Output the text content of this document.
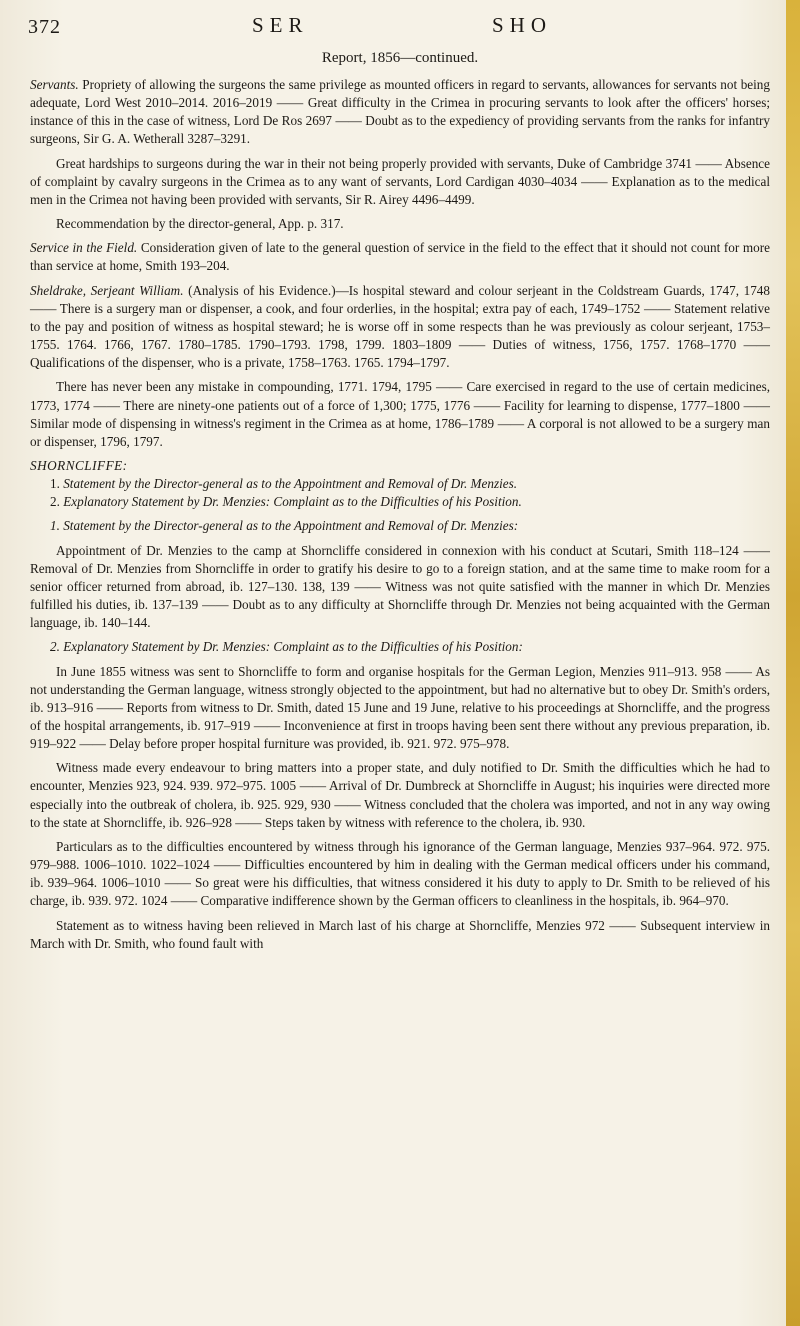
372	SER	SHO
Report, 1856—continued.

Servants. Propriety of allowing the surgeons the same privilege as mounted officers in regard to servants, allowances for servants not being adequate, Lord West 2010–2014. 2016–2019 —— Great difficulty in the Crimea in procuring servants to look after the officers' horses; instance of this in the case of witness, Lord De Ros 2697 —— Doubt as to the expediency of providing servants from the ranks for infantry surgeons, Sir G. A. Wetherall 3287–3291.

Great hardships to surgeons during the war in their not being properly provided with servants, Duke of Cambridge 3741 —— Absence of complaint by cavalry surgeons in the Crimea as to any want of servants, Lord Cardigan 4030–4034 —— Explanation as to the medical men in the Crimea not having been provided with servants, Sir R. Airey 4496–4499.

Recommendation by the director-general, App. p. 317.

Service in the Field. Consideration given of late to the general question of service in the field to the effect that it should not count for more than service at home, Smith 193–204.

Sheldrake, Serjeant William. (Analysis of his Evidence.)—Is hospital steward and colour serjeant in the Coldstream Guards, 1747, 1748 —— There is a surgery man or dispenser, a cook, and four orderlies, in the hospital; extra pay of each, 1749–1752 —— Statement relative to the pay and position of witness as hospital steward; he is worse off in some respects than he was previously as colour serjeant, 1753–1755. 1764. 1766, 1767. 1780–1785. 1790–1793. 1798, 1799. 1803–1809 —— Duties of witness, 1756, 1757. 1768–1770 —— Qualifications of the dispenser, who is a private, 1758–1763. 1765. 1794–1797.

There has never been any mistake in compounding, 1771. 1794, 1795 —— Care exercised in regard to the use of certain medicines, 1773, 1774 —— There are ninety-one patients out of a force of 1,300; 1775, 1776 —— Facility for learning to dispense, 1777–1800 —— Similar mode of dispensing in witness's regiment in the Crimea as at home, 1786–1789 —— A corporal is not allowed to be a surgery man or dispenser, 1796, 1797.

SHORNCLIFFE:

1. Statement by the Director-general as to the Appointment and Removal of Dr. Menzies.

2. Explanatory Statement by Dr. Menzies: Complaint as to the Difficulties of his Position.

1. Statement by the Director-general as to the Appointment and Removal of Dr. Menzies:

Appointment of Dr. Menzies to the camp at Shorncliffe considered in connexion with his conduct at Scutari, Smith 118–124 —— Removal of Dr. Menzies from Shorncliffe in order to gratify his desire to go to a foreign station, and at the same time to make room for a senior officer returned from abroad, ib. 127–130. 138, 139 —— Witness was not quite satisfied with the manner in which Dr. Menzies fulfilled his duties, ib. 137–139 —— Doubt as to any difficulty at Shorncliffe through Dr. Menzies not being acquainted with the German language, ib. 140–144.

2. Explanatory Statement by Dr. Menzies: Complaint as to the Difficulties of his Position:

In June 1855 witness was sent to Shorncliffe to form and organise hospitals for the German Legion, Menzies 911–913. 958 —— As not understanding the German language, witness strongly objected to the appointment, but had no alternative but to obey Dr. Smith's orders, ib. 913–916 —— Reports from witness to Dr. Smith, dated 15 June and 19 June, relative to his proceedings at Shorncliffe, and the progress of the hospital arrangements, ib. 917–919 —— Inconvenience at first in troops having been sent there without any previous preparation, ib. 919–922 —— Delay before proper hospital furniture was provided, ib. 921. 972. 975–978.

Witness made every endeavour to bring matters into a proper state, and duly notified to Dr. Smith the difficulties which he had to encounter, Menzies 923, 924. 939. 972–975. 1005 —— Arrival of Dr. Dumbreck at Shorncliffe in August; his inquiries were directed more especially into the outbreak of cholera, ib. 925. 929, 930 —— Witness concluded that the cholera was imported, and not in any way owing to the state at Shorncliffe, ib. 926–928 —— Steps taken by witness with reference to the cholera, ib. 930.

Particulars as to the difficulties encountered by witness through his ignorance of the German language, Menzies 937–964. 972. 975. 979–988. 1006–1010. 1022–1024 —— Difficulties encountered by him in dealing with the German medical officers under his command, ib. 939–964. 1006–1010 —— So great were his difficulties, that witness considered it his duty to apply to Dr. Smith to be relieved of his charge, ib. 939. 972. 1024 —— Comparative indifference shown by the German officers to cleanliness in the hospitals, ib. 964–970.

Statement as to witness having been relieved in March last of his charge at Shorncliffe, Menzies 972 —— Subsequent interview in March with Dr. Smith, who found fault with
